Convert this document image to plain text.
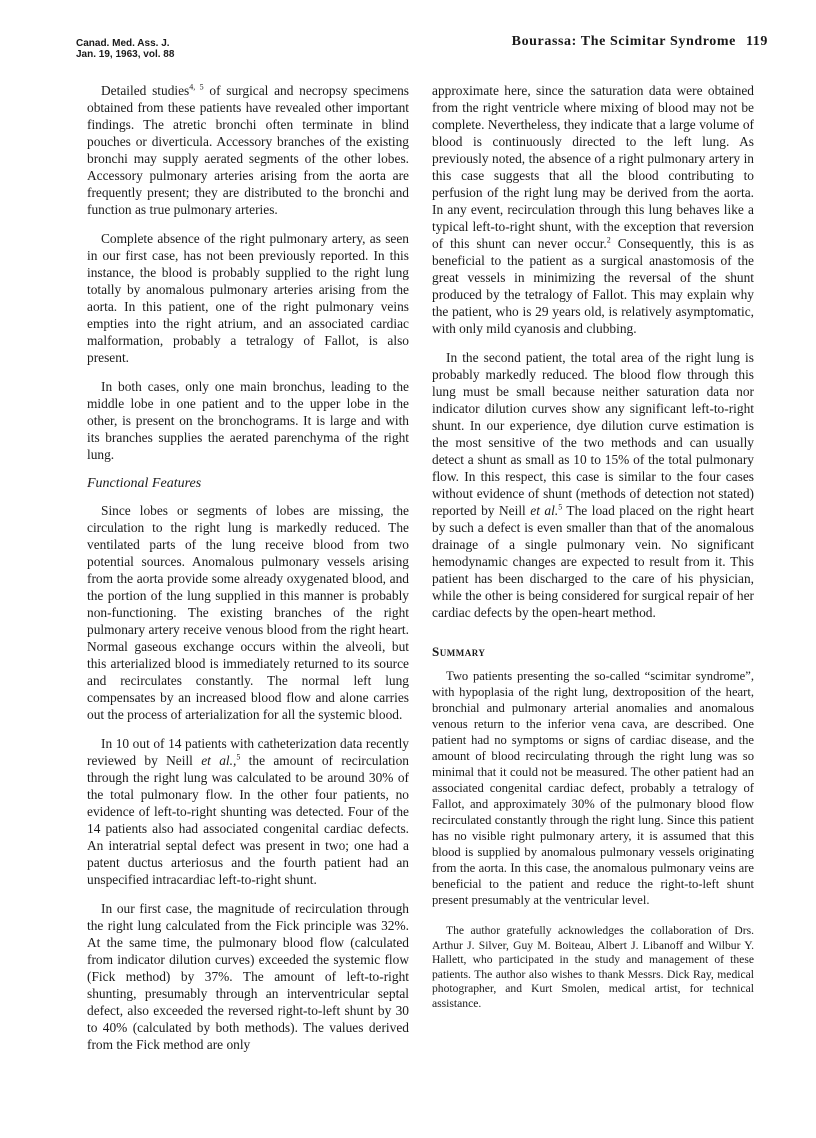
Canad. Med. Ass. J.
Jan. 19, 1963, vol. 88
Bourassa: The Scimitar Syndrome 119

Detailed studies$^{4, 5}$ of surgical and necropsy specimens obtained from these patients have revealed other important findings. The atretic bronchi often terminate in blind pouches or diverticula. Accessory branches of the existing bronchi may supply aerated segments of the other lobes. Accessory pulmonary arteries arising from the aorta are frequently present; they are distributed to the bronchi and function as true pulmonary arteries.

Complete absence of the right pulmonary artery, as seen in our first case, has not been previously reported. In this instance, the blood is probably supplied to the right lung totally by anomalous pulmonary arteries arising from the aorta. In this patient, one of the right pulmonary veins empties into the right atrium, and an associated cardiac malformation, probably a tetralogy of Fallot, is also present.

In both cases, only one main bronchus, leading to the middle lobe in one patient and to the upper lobe in the other, is present on the bronchograms. It is large and with its branches supplies the aerated parenchyma of the right lung.

Functional Features

Since lobes or segments of lobes are missing, the circulation to the right lung is markedly reduced. The ventilated parts of the lung receive blood from two potential sources. Anomalous pulmonary vessels arising from the aorta provide some already oxygenated blood, and the portion of the lung supplied in this manner is probably non-functioning. The existing branches of the right pulmonary artery receive venous blood from the right heart. Normal gaseous exchange occurs within the alveoli, but this arterialized blood is immediately returned to its source and recirculates constantly. The normal left lung compensates by an increased blood flow and alone carries out the process of arterialization for all the systemic blood.

In 10 out of 14 patients with catheterization data recently reviewed by Neill et al.,$^5$ the amount of recirculation through the right lung was calculated to be around 30% of the total pulmonary flow. In the other four patients, no evidence of left-to-right shunting was detected. Four of the 14 patients also had associated congenital cardiac defects. An interatrial septal defect was present in two; one had a patent ductus arteriosus and the fourth patient had an unspecified intracardiac left-to-right shunt.

In our first case, the magnitude of recirculation through the right lung calculated from the Fick principle was 32%. At the same time, the pulmonary blood flow (calculated from indicator dilution curves) exceeded the systemic flow (Fick method) by 37%. The amount of left-to-right shunting, presumably through an interventricular septal defect, also exceeded the reversed right-to-left shunt by 30 to 40% (calculated by both methods). The values derived from the Fick method are only

approximate here, since the saturation data were obtained from the right ventricle where mixing of blood may not be complete. Nevertheless, they indicate that a large volume of blood is continuously directed to the left lung. As previously noted, the absence of a right pulmonary artery in this case suggests that all the blood contributing to perfusion of the right lung may be derived from the aorta. In any event, recirculation through this lung behaves like a typical left-to-right shunt, with the exception that reversion of this shunt can never occur.$^2$ Consequently, this is as beneficial to the patient as a surgical anastomosis of the great vessels in minimizing the reversal of the shunt produced by the tetralogy of Fallot. This may explain why the patient, who is 29 years old, is relatively asymptomatic, with only mild cyanosis and clubbing.

In the second patient, the total area of the right lung is probably markedly reduced. The blood flow through this lung must be small because neither saturation data nor indicator dilution curves show any significant left-to-right shunt. In our experience, dye dilution curve estimation is the most sensitive of the two methods and can usually detect a shunt as small as 10 to 15% of the total pulmonary flow. In this respect, this case is similar to the four cases without evidence of shunt (methods of detection not stated) reported by Neill et al.$^5$ The load placed on the right heart by such a defect is even smaller than that of the anomalous drainage of a single pulmonary vein. No significant hemodynamic changes are expected to result from it. This patient has been discharged to the care of his physician, while the other is being considered for surgical repair of her cardiac defects by the open-heart method.

Summary

Two patients presenting the so-called “scimitar syndrome”, with hypoplasia of the right lung, dextroposition of the heart, bronchial and pulmonary arterial anomalies and anomalous venous return to the inferior vena cava, are described. One patient had no symptoms or signs of cardiac disease, and the amount of blood recirculating through the right lung was so minimal that it could not be measured. The other patient had an associated congenital cardiac defect, probably a tetralogy of Fallot, and approximately 30% of the pulmonary blood flow recirculated constantly through the right lung. Since this patient has no visible right pulmonary artery, it is assumed that this blood is supplied by anomalous pulmonary vessels originating from the aorta. In this case, the anomalous pulmonary veins are beneficial to the patient and reduce the right-to-left shunt present presumably at the ventricular level.

The author gratefully acknowledges the collaboration of Drs. Arthur J. Silver, Guy M. Boiteau, Albert J. Libanoff and Wilbur Y. Hallett, who participated in the study and management of these patients. The author also wishes to thank Messrs. Dick Ray, medical photographer, and Kurt Smolen, medical artist, for technical assistance.
